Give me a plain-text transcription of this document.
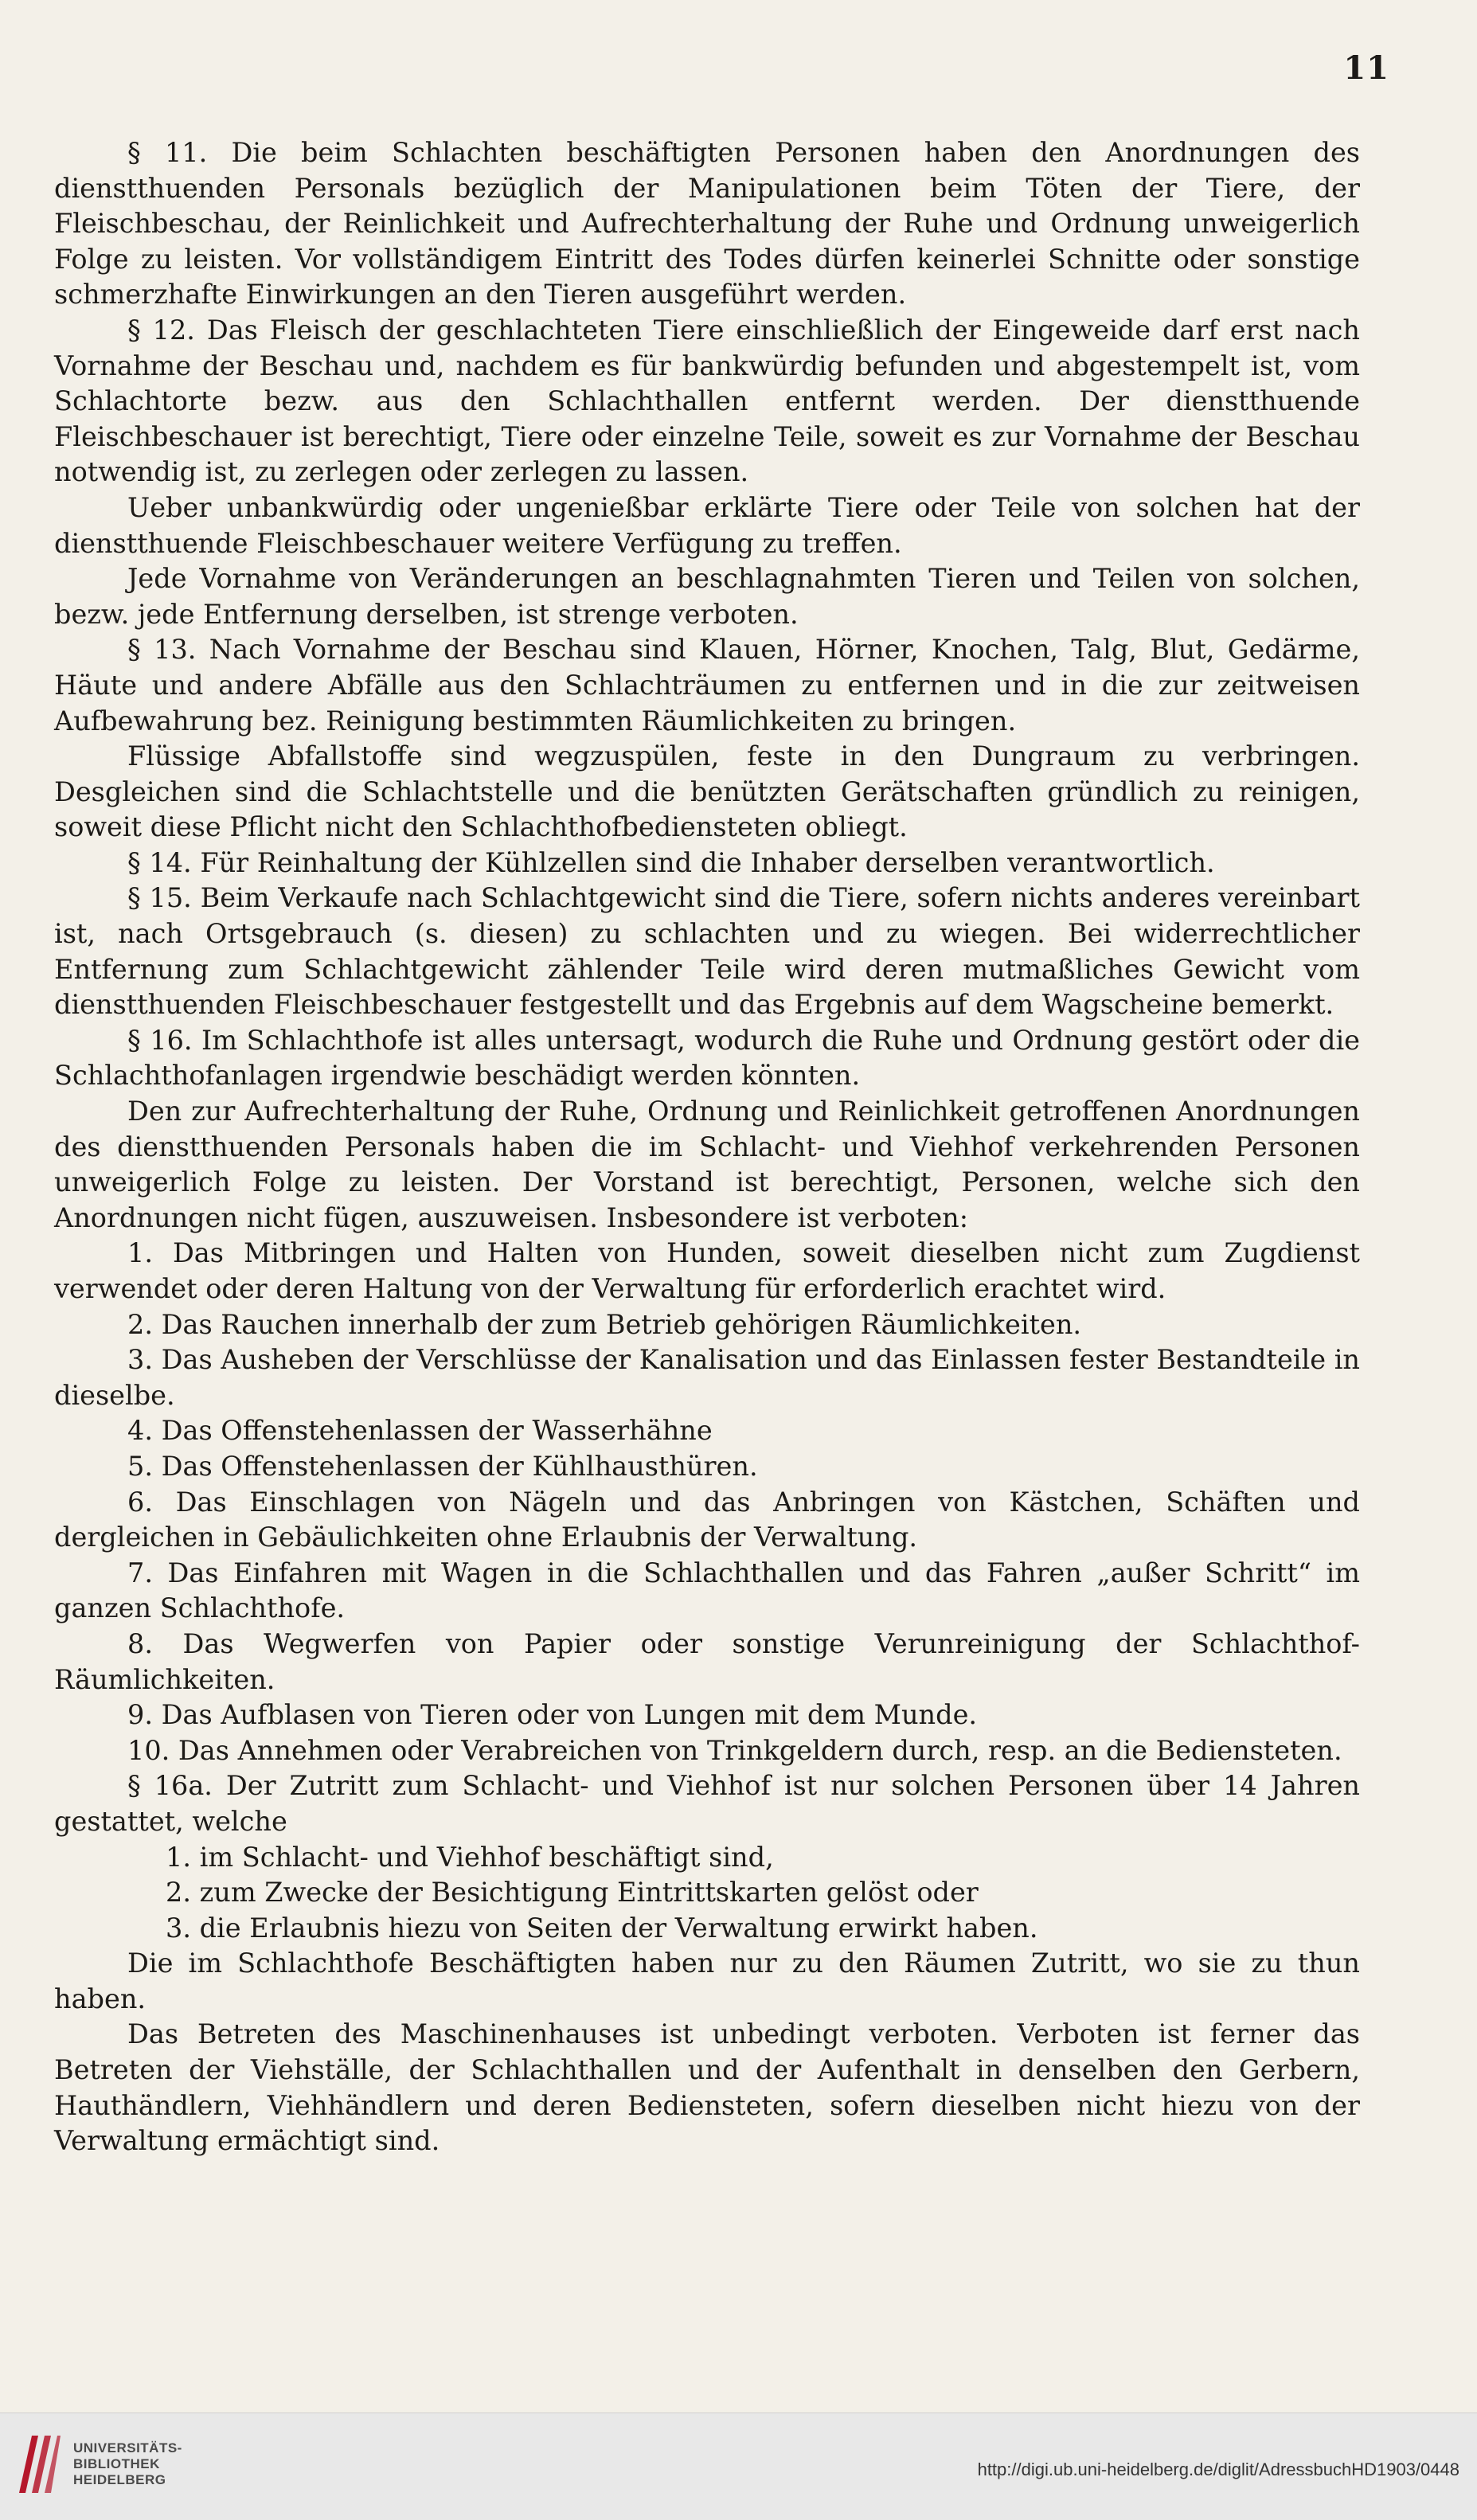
11

§ 11. Die beim Schlachten beschäftigten Personen haben den Anordnungen des dienstthuenden Personals bezüglich der Manipulationen beim Töten der Tiere, der Fleischbeschau, der Reinlichkeit und Aufrechterhaltung der Ruhe und Ordnung unweigerlich Folge zu leisten. Vor vollständigem Eintritt des Todes dürfen keinerlei Schnitte oder sonstige schmerzhafte Einwirkungen an den Tieren ausgeführt werden.

§ 12. Das Fleisch der geschlachteten Tiere einschließlich der Eingeweide darf erst nach Vornahme der Beschau und, nachdem es für bankwürdig befunden und abgestempelt ist, vom Schlachtorte bezw. aus den Schlachthallen entfernt werden. Der dienstthuende Fleischbeschauer ist berechtigt, Tiere oder einzelne Teile, soweit es zur Vornahme der Beschau notwendig ist, zu zerlegen oder zerlegen zu lassen.

Ueber unbankwürdig oder ungenießbar erklärte Tiere oder Teile von solchen hat der dienstthuende Fleischbeschauer weitere Verfügung zu treffen.

Jede Vornahme von Veränderungen an beschlagnahmten Tieren und Teilen von solchen, bezw. jede Entfernung derselben, ist strenge verboten.

§ 13. Nach Vornahme der Beschau sind Klauen, Hörner, Knochen, Talg, Blut, Gedärme, Häute und andere Abfälle aus den Schlachträumen zu entfernen und in die zur zeitweisen Aufbewahrung bez. Reinigung bestimmten Räumlichkeiten zu bringen.

Flüssige Abfallstoffe sind wegzuspülen, feste in den Dungraum zu verbringen. Desgleichen sind die Schlachtstelle und die benützten Gerätschaften gründlich zu reinigen, soweit diese Pflicht nicht den Schlachthofbediensteten obliegt.

§ 14. Für Reinhaltung der Kühlzellen sind die Inhaber derselben verantwortlich.

§ 15. Beim Verkaufe nach Schlachtgewicht sind die Tiere, sofern nichts anderes vereinbart ist, nach Ortsgebrauch (s. diesen) zu schlachten und zu wiegen. Bei widerrechtlicher Entfernung zum Schlachtgewicht zählender Teile wird deren mutmaßliches Gewicht vom dienstthuenden Fleischbeschauer festgestellt und das Ergebnis auf dem Wagscheine bemerkt.

§ 16. Im Schlachthofe ist alles untersagt, wodurch die Ruhe und Ordnung gestört oder die Schlachthofanlagen irgendwie beschädigt werden könnten.

Den zur Aufrechterhaltung der Ruhe, Ordnung und Reinlichkeit getroffenen Anordnungen des dienstthuenden Personals haben die im Schlacht- und Viehhof verkehrenden Personen unweigerlich Folge zu leisten. Der Vorstand ist berechtigt, Personen, welche sich den Anordnungen nicht fügen, auszuweisen. Insbesondere ist verboten:

1. Das Mitbringen und Halten von Hunden, soweit dieselben nicht zum Zugdienst verwendet oder deren Haltung von der Verwaltung für erforderlich erachtet wird.

2. Das Rauchen innerhalb der zum Betrieb gehörigen Räumlichkeiten.

3. Das Ausheben der Verschlüsse der Kanalisation und das Einlassen fester Bestandteile in dieselbe.

4. Das Offenstehenlassen der Wasserhähne

5. Das Offenstehenlassen der Kühlhausthüren.

6. Das Einschlagen von Nägeln und das Anbringen von Kästchen, Schäften und dergleichen in Gebäulichkeiten ohne Erlaubnis der Verwaltung.

7. Das Einfahren mit Wagen in die Schlachthallen und das Fahren „außer Schritt“ im ganzen Schlachthofe.

8. Das Wegwerfen von Papier oder sonstige Verunreinigung der Schlachthof-Räumlichkeiten.

9. Das Aufblasen von Tieren oder von Lungen mit dem Munde.

10. Das Annehmen oder Verabreichen von Trinkgeldern durch, resp. an die Bediensteten.

§ 16a. Der Zutritt zum Schlacht- und Viehhof ist nur solchen Personen über 14 Jahren gestattet, welche

1. im Schlacht- und Viehhof beschäftigt sind,

2. zum Zwecke der Besichtigung Eintrittskarten gelöst oder

3. die Erlaubnis hiezu von Seiten der Verwaltung erwirkt haben.

Die im Schlachthofe Beschäftigten haben nur zu den Räumen Zutritt, wo sie zu thun haben.

Das Betreten des Maschinenhauses ist unbedingt verboten. Verboten ist ferner das Betreten der Viehställe, der Schlachthallen und der Aufenthalt in denselben den Gerbern, Hauthändlern, Viehhändlern und deren Bediensteten, sofern dieselben nicht hiezu von der Verwaltung ermächtigt sind.

UNIVERSITÄTS-
BIBLIOTHEK
HEIDELBERG
http://digi.ub.uni-heidelberg.de/diglit/AdressbuchHD1903/0448
